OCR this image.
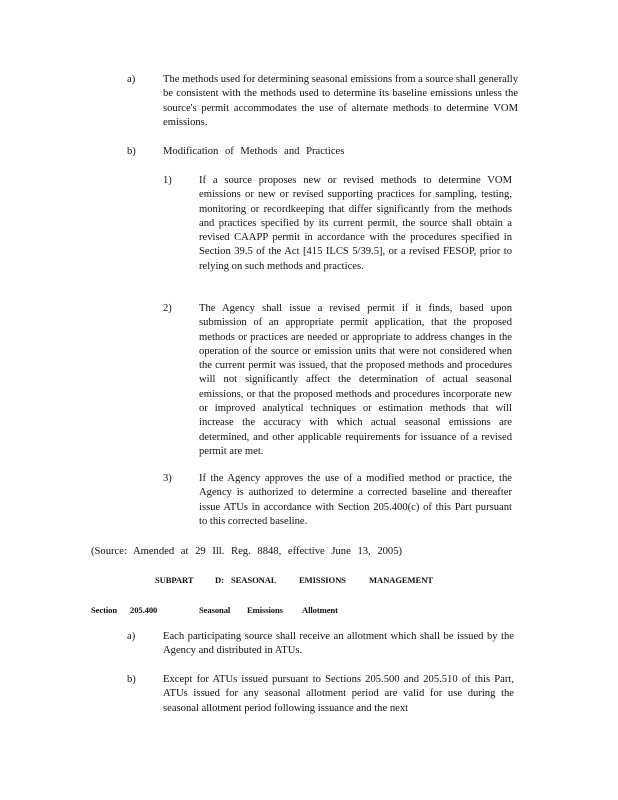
a)	The methods used for determining seasonal emissions from a source shall generally be consistent with the methods used to determine its baseline emissions unless the source's permit accommodates the use of alternate methods to determine VOM emissions.

b)	Modification of Methods and Practices
1)	If a source proposes new or revised methods to determine VOM emissions or new or revised supporting practices for sampling, testing, monitoring or recordkeeping that differ significantly from the methods and practices specified by its current permit, the source shall obtain a revised CAAPP permit in accordance with the procedures specified in Section 39.5 of the Act [415 ILCS 5/39.5], or a revised FESOP, prior to relying on such methods and practices.

2)	The Agency shall issue a revised permit if it finds, based upon submission of an appropriate permit application, that the proposed methods or practices are needed or appropriate to address changes in the operation of the source or emission units that were not considered when the current permit was issued, that the proposed methods and procedures will not significantly affect the determination of actual seasonal emissions, or that the proposed methods and procedures incorporate new or improved analytical techniques or estimation methods that will increase the accuracy with which actual seasonal emissions are determined, and other applicable requirements for issuance of a revised permit are met.

3)	If the Agency approves the use of a modified method or practice, the Agency is authorized to determine a corrected baseline and thereafter issue ATUs in accordance with Section 205.400(c) of this Part pursuant to this corrected baseline.

(Source: Amended at 29 Ill. Reg. 8848, effective June 13, 2005)
SUBPART	D: SEASONAL	EMISSIONS	MANAGEMENT
Section 205.400	Seasonal Emissions Allotment
a)	Each participating source shall receive an allotment which shall be issued by the Agency and distributed in ATUs.

b)	Except for ATUs issued pursuant to Sections 205.500 and 205.510 of this Part, ATUs issued for any seasonal allotment period are valid for use during the seasonal allotment period following issuance and the next
